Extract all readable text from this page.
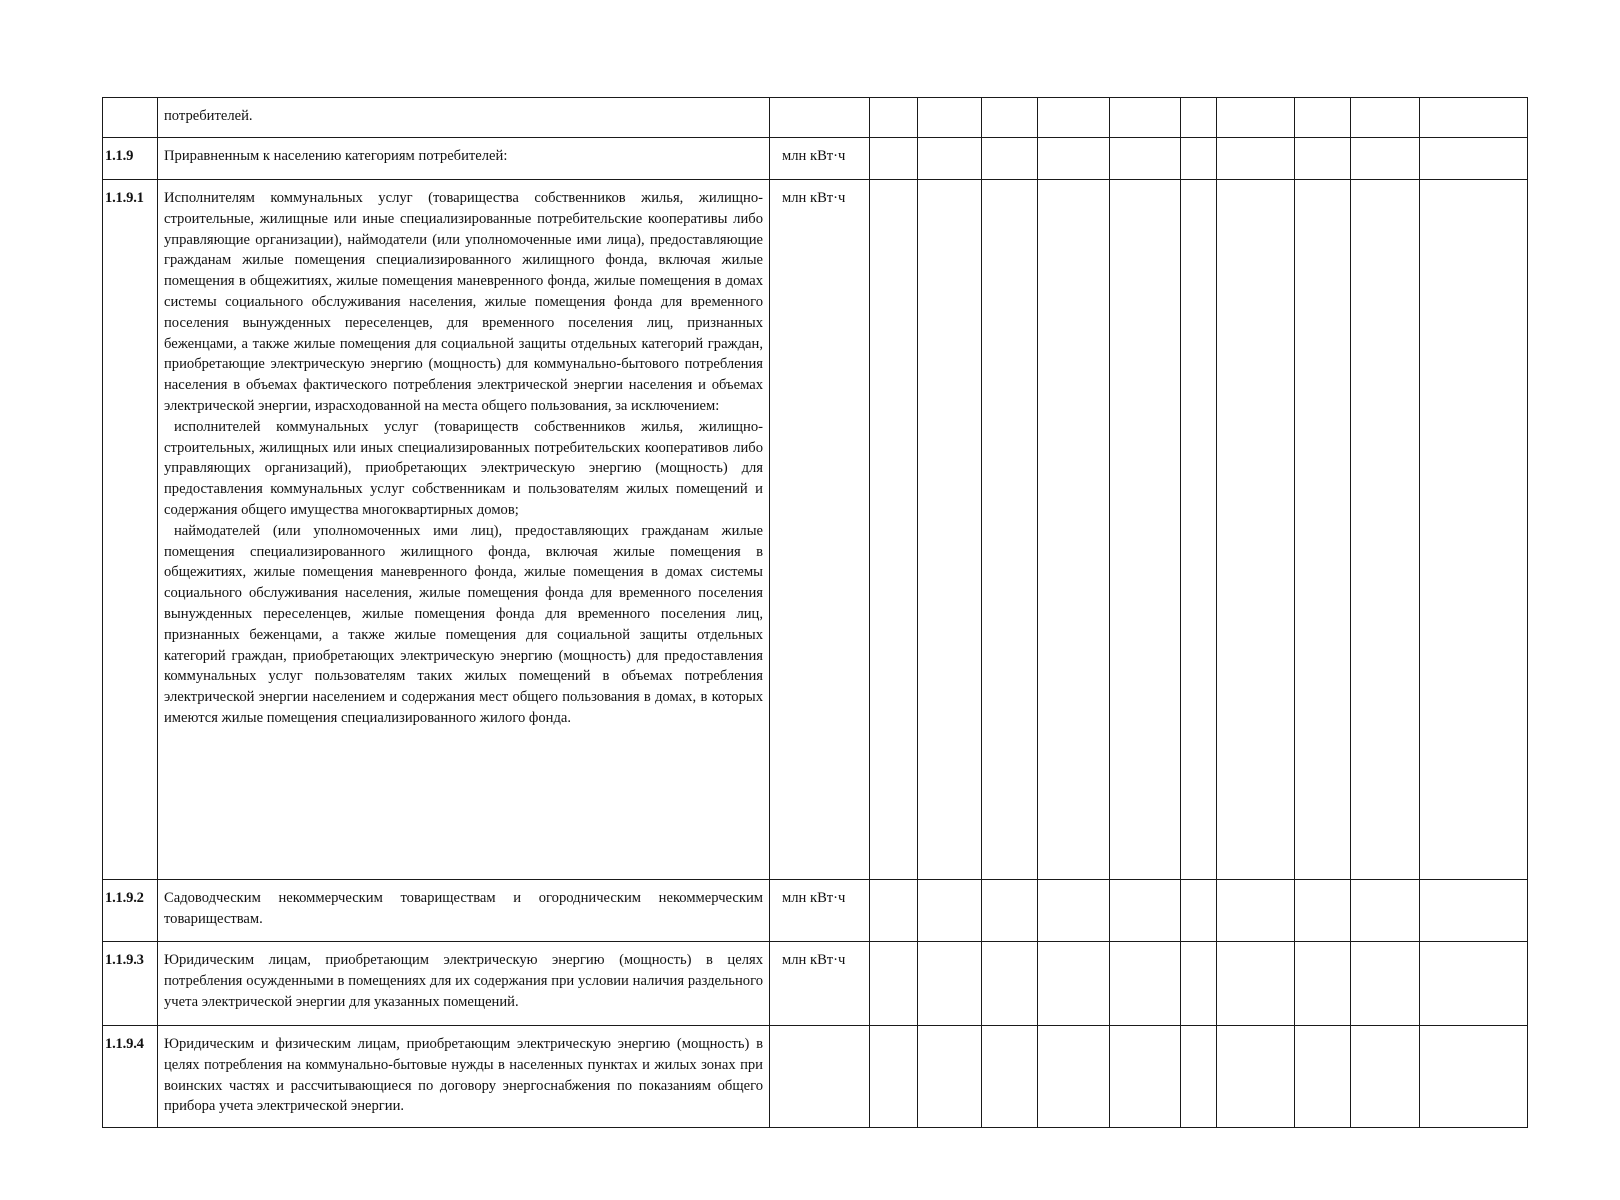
	потребителей.											

1.1.9	Приравненным к населению категориям потребителей:	млн кВт·ч										
1.1.9.1	Исполнителям коммунальных услуг (товарищества собственников жилья, жилищно-строительные, жилищные или иные специализированные потребительские кооперативы либо управляющие организации), наймодатели (или уполномоченные ими лица), предоставляющие гражданам жилые помещения специализированного жилищного фонда, включая жилые помещения в общежитиях, жилые помещения маневренного фонда, жилые помещения в домах системы социального обслуживания населения, жилые помещения фонда для временного поселения вынужденных переселенцев, для временного поселения лиц, признанных беженцами, а также жилые помещения для социальной защиты отдельных категорий граждан, приобретающие электрическую энергию (мощность) для коммунально-бытового потребления населения в объемах фактического потребления электрической энергии населения и объемах электрической энергии, израсходованной на места общего пользования, за исключением:

исполнителей коммунальных услуг (товариществ собственников жилья, жилищно-строительных, жилищных или иных специализированных потребительских кооперативов либо управляющих организаций), приобретающих электрическую энергию (мощность) для предоставления коммунальных услуг собственникам и пользователям жилых помещений и содержания общего имущества многоквартирных домов;

наймодателей (или уполномоченных ими лиц), предоставляющих гражданам жилые помещения специализированного жилищного фонда, включая жилые помещения в общежитиях, жилые помещения маневренного фонда, жилые помещения в домах системы социального обслуживания населения, жилые помещения фонда для временного поселения вынужденных переселенцев, жилые помещения фонда для временного поселения лиц, признанных беженцами, а также жилые помещения для социальной защиты отдельных категорий граждан, приобретающих электрическую энергию (мощность) для предоставления коммунальных услуг пользователям таких жилых помещений в объемах потребления электрической энергии населением и содержания мест общего пользования в домах, в которых имеются жилые помещения специализированного жилого фонда.	млн кВт·ч										
1.1.9.2	Садоводческим некоммерческим товариществам и огородническим некоммерческим товариществам.	млн кВт·ч										
1.1.9.3	Юридическим лицам, приобретающим электрическую энергию (мощность) в целях потребления осужденными в помещениях для их содержания при условии наличия раздельного учета электрической энергии для указанных помещений.	млн кВт·ч										
1.1.9.4	Юридическим и физическим лицам, приобретающим электрическую энергию (мощность) в целях потребления на коммунально-бытовые нужды в населенных пунктах и жилых зонах при воинских частях и рассчитывающиеся по договору энергоснабжения по показаниям общего прибора учета электрической энергии.											
